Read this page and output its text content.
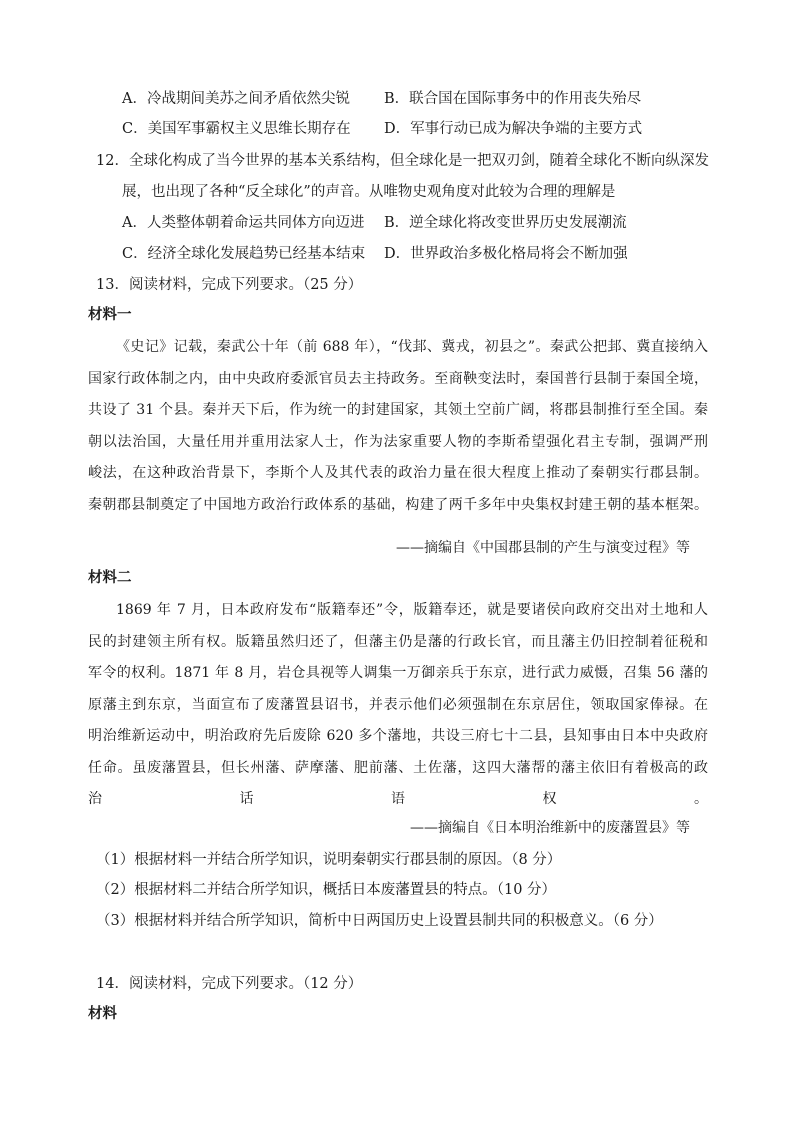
A．冷战期间美苏之间矛盾依然尖锐 B．联合国在国际事务中的作用丧失殆尽
C．美国军事霸权主义思维长期存在 D．军事行动已成为解决争端的主要方式
12．全球化构成了当今世界的基本关系结构，但全球化是一把双刃剑，随着全球化不断向纵深发
展，也出现了各种“反全球化”的声音。从唯物史观角度对此较为合理的理解是
A．人类整体朝着命运共同体方向迈进 B．逆全球化将改变世界历史发展潮流
C．经济全球化发展趋势已经基本结束 D．世界政治多极化格局将会不断加强
13．阅读材料，完成下列要求。（25 分）
材料一
《史记》记载，秦武公十年（前 688 年），“伐邽、冀戎，初县之”。秦武公把邽、冀直接纳入
国家行政体制之内，由中央政府委派官员去主持政务。至商鞅变法时，秦国普行县制于秦国全境，
共设了 31 个县。秦并天下后，作为统一的封建国家，其领土空前广阔，将郡县制推行至全国。秦
朝以法治国，大量任用并重用法家人士，作为法家重要人物的李斯希望强化君主专制，强调严刑
峻法，在这种政治背景下，李斯个人及其代表的政治力量在很大程度上推动了秦朝实行郡县制。
秦朝郡县制奠定了中国地方政治行政体系的基础，构建了两千多年中央集权封建王朝的基本框架。
——摘编自《中国郡县制的产生与演变过程》等
材料二
1869 年 7 月，日本政府发布“版籍奉还”令，版籍奉还，就是要诸侯向政府交出对土地和人
民的封建领主所有权。版籍虽然归还了，但藩主仍是藩的行政长官，而且藩主仍旧控制着征税和
军令的权利。1871 年 8 月，岩仓具视等人调集一万御亲兵于东京，进行武力威慑，召集 56 藩的
原藩主到东京，当面宣布了废藩置县诏书，并表示他们必须强制在东京居住，领取国家俸禄。在
明治维新运动中，明治政府先后废除 620 多个藩地，共设三府七十二县，县知事由日本中央政府
任命。虽废藩置县，但长州藩、萨摩藩、肥前藩、土佐藩，这四大藩帮的藩主依旧有着极高的政
治话语权。
——摘编自《日本明治维新中的废藩置县》等
（1）根据材料一并结合所学知识，说明秦朝实行郡县制的原因。（8 分）
（2）根据材料二并结合所学知识，概括日本废藩置县的特点。（10 分）
（3）根据材料并结合所学知识，简析中日两国历史上设置县制共同的积极意义。（6 分）
14．阅读材料，完成下列要求。（12 分）
材料
